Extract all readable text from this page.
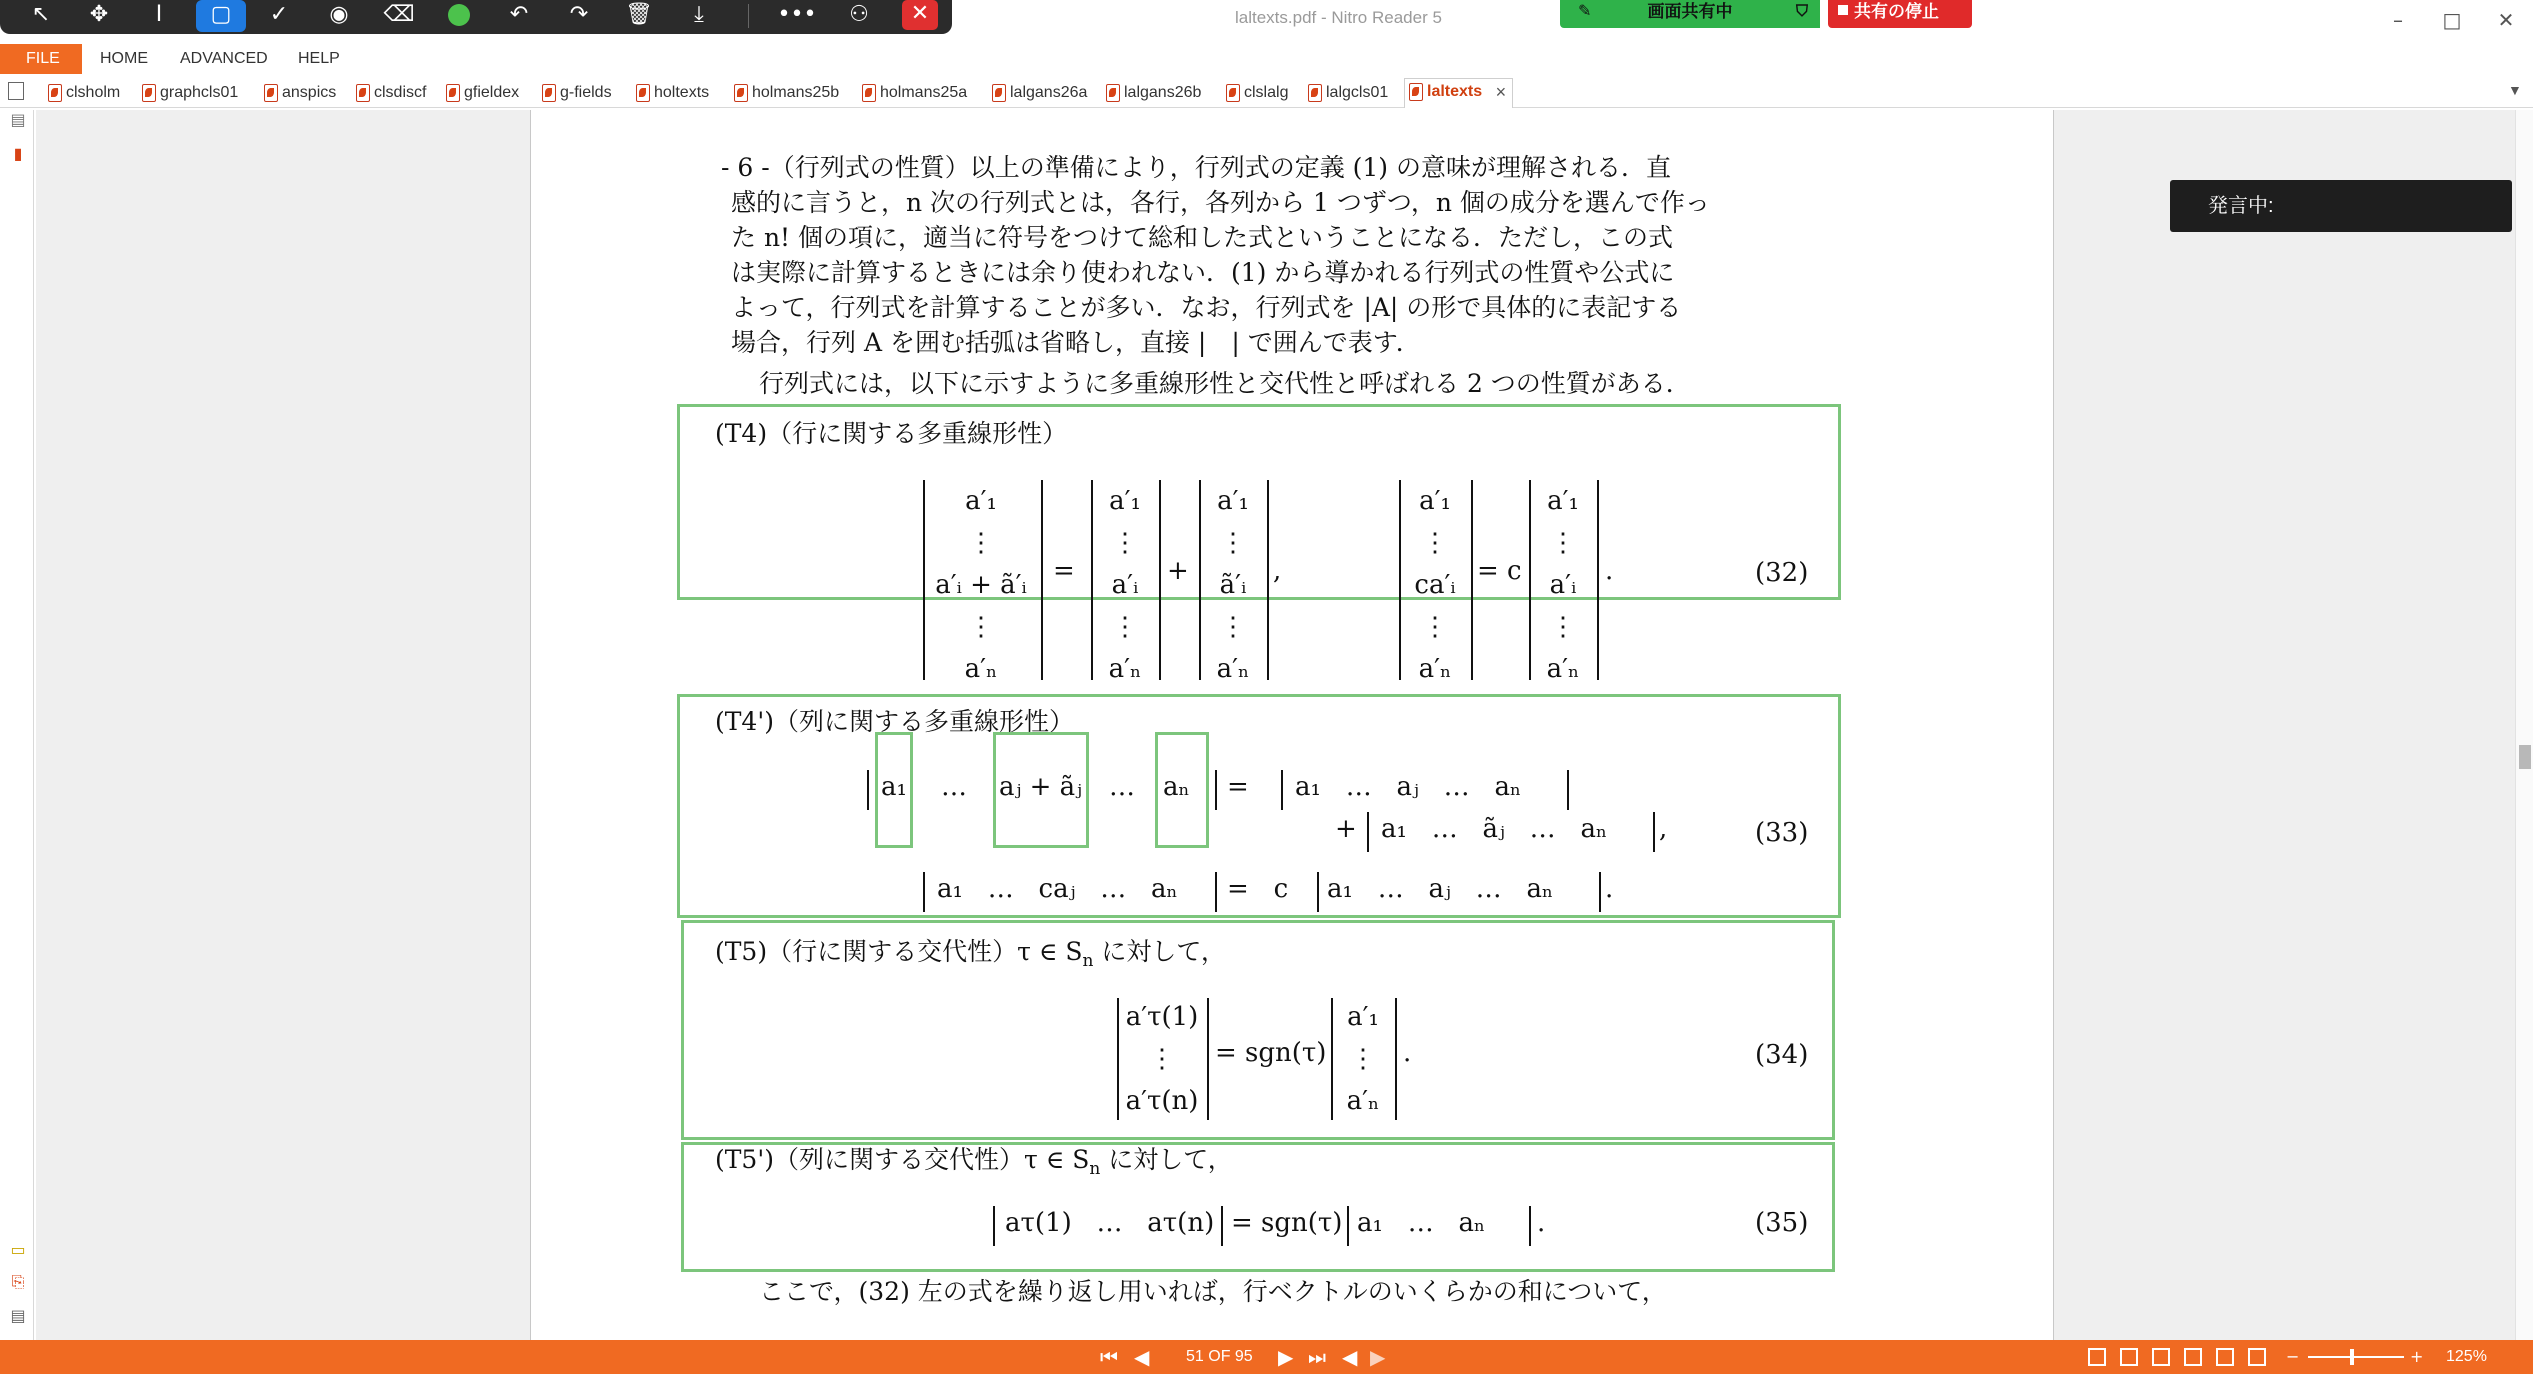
laltexts.pdf - Nitro Reader 5	–	□	✕
↖	✥	I	▢	✓	◉	⌫	↶	↷	🗑	⤓	•••	⚇	✕	✎	画面共有中	⛉	共有の停止
FILE	HOME ADVANCED HELP
clsholm	graphcls01	anspics	clsdiscf	gfieldex	g-fields	holtexts	holmans25b	holmans25a	lalgans26a	lalgans26b	clslalg	lalgcls01	laltexts ×	▼
▤
▮
▭
⎘
▤
- 6 -（行列式の性質）以上の準備により，行列式の定義 (1) の意味が理解される．直
感的に言うと，n 次の行列式とは，各行，各列から 1 つずつ，n 個の成分を選んで作っ
た n! 個の項に，適当に符号をつけて総和した式ということになる．ただし，この式
は実際に計算するときには余り使われない．(1) から導かれる行列式の性質や公式に
よって，行列式を計算することが多い．なお，行列式を |A| の形で具体的に表記する
場合，行列 A を囲む括弧は省略し，直接 |　| で囲んで表す．
行列式には，以下に示すように多重線形性と交代性と呼ばれる 2 つの性質がある．
(T4)（行に関する多重線形性）
(32)
a′₁
⋮
a′ᵢ + ã′ᵢ
⋮
a′ₙ
=
a′₁
⋮
a′ᵢ
⋮
a′ₙ
+
a′₁
⋮
ã′ᵢ
⋮
a′ₙ
,
a′₁
⋮
ca′ᵢ
⋮
a′ₙ
= c
a′₁
⋮
a′ᵢ
⋮
a′ₙ
.
(T4')（列に関する多重線形性）
(33)
a₁ … aⱼ + ãⱼ … aₙ = a₁   …   aⱼ   …   aₙ
+ a₁   …   ãⱼ   …   aₙ ,
a₁   …   caⱼ   …   aₙ =   c a₁   …   aⱼ   …   aₙ .
(T5)（行に関する交代性）τ ∈ $S_n$ に対して，
(34)
a′τ(1)
⋮
a′τ(n)
= sgn(τ)
a′₁
⋮
a′ₙ
.
(T5')（列に関する交代性）τ ∈ $S_n$ に対して，
(35)
aτ(1)   …   aτ(n) = sgn(τ) a₁   …   aₙ .
ここで，(32) 左の式を繰り返し用いれば，行ベクトルのいくらかの和について，
発言中:
⏮ ◀ 51 OF 95 ▶ ⏭ ◀ ▶	−	+ 125%
